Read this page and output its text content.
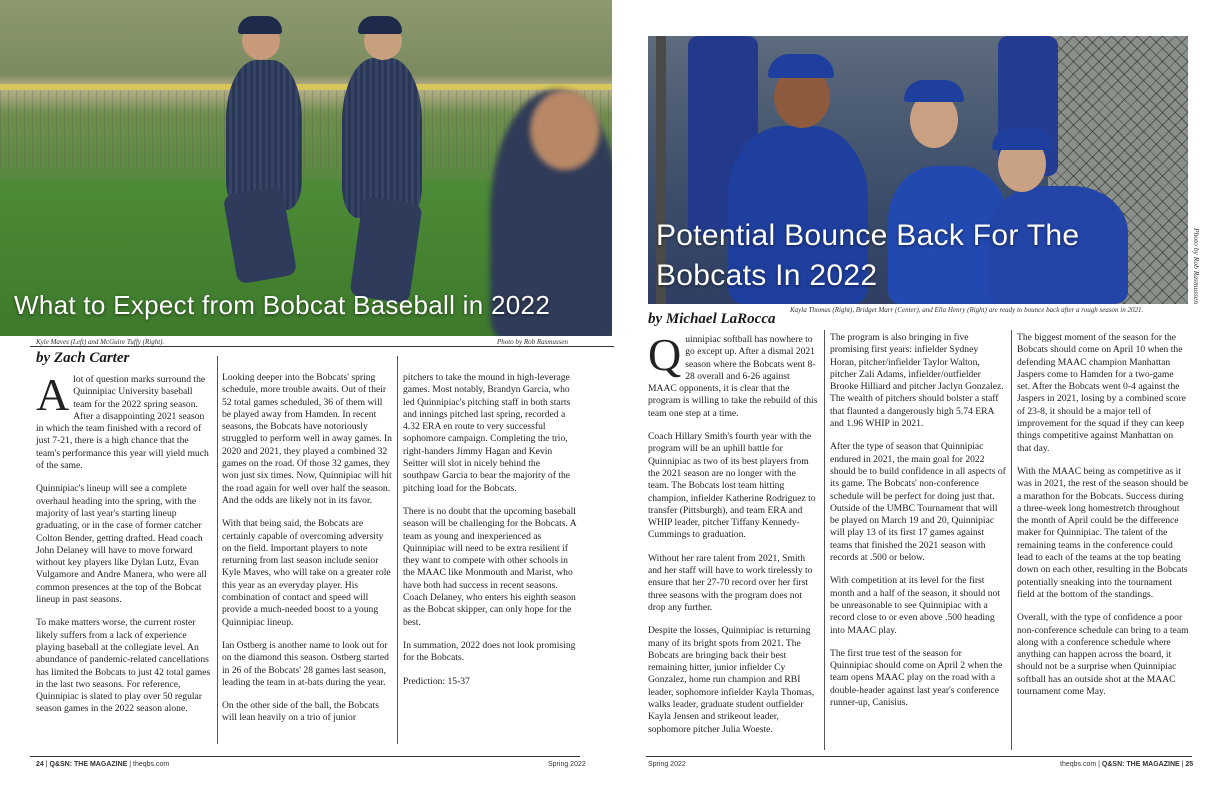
What to Expect from Bobcat Baseball in 2022
Kyle Maves (Left) and McGuire Tuffy (Right).	Photo by Rob Rasmussen
by Zach Carter

Alot of question marks surround the Quinnipiac University baseball team for the 2022 spring season. After a disappointing 2021 season in which the team finished with a record of just 7-21, there is a high chance that the team's performance this year will yield much of the same.

Quinnipiac's lineup will see a complete overhaul heading into the spring, with the majority of last year's starting lineup graduating, or in the case of former catcher Colton Bender, getting drafted. Head coach John Delaney will have to move forward without key players like Dylan Lutz, Evan Vulgamore and Andre Manera, who were all common presences at the top of the Bobcat lineup in past seasons.

To make matters worse, the current roster likely suffers from a lack of experience playing baseball at the collegiate level. An abundance of pandemic-related cancellations has limited the Bobcats to just 42 total games in the last two seasons. For reference, Quinnipiac is slated to play over 50 regular season games in the 2022 season alone.

Looking deeper into the Bobcats' spring schedule, more trouble awaits. Out of their 52 total games scheduled, 36 of them will be played away from Hamden. In recent seasons, the Bobcats have notoriously struggled to perform well in away games. In 2020 and 2021, they played a combined 32 games on the road. Of those 32 games, they won just six times. Now, Quinnipiac will hit the road again for well over half the season. And the odds are likely not in its favor.

With that being said, the Bobcats are certainly capable of overcoming adversity on the field. Important players to note returning from last season include senior Kyle Maves, who will take on a greater role this year as an everyday player. His combination of contact and speed will provide a much-needed boost to a young Quinnipiac lineup.

Ian Ostberg is another name to look out for on the diamond this season. Ostberg started in 26 of the Bobcats' 28 games last season, leading the team in at-bats during the year.

On the other side of the ball, the Bobcats will lean heavily on a trio of junior

pitchers to take the mound in high-leverage games. Most notably, Brandyn Garcia, who led Quinnipiac's pitching staff in both starts and innings pitched last spring, recorded a 4.32 ERA en route to very successful sophomore campaign. Completing the trio, right-handers Jimmy Hagan and Kevin Seitter will slot in nicely behind the southpaw Garcia to bear the majority of the pitching load for the Bobcats.

There is no doubt that the upcoming baseball season will be challenging for the Bobcats. A team as young and inexperienced as Quinnipiac will need to be extra resilient if they want to compete with other schools in the MAAC like Monmouth and Marist, who have both had success in recent seasons. Coach Delaney, who enters his eighth season as the Bobcat skipper, can only hope for the best.

In summation, 2022 does not look promising for the Bobcats.

Prediction: 15-37

24 | Q&SN: THE MAGAZINE | theqbs.com	Spring 2022
Potential Bounce Back For The Bobcats In 2022	Photo by Rob Rasmussen
Kayla Thomas (Right), Bridget Marr (Center), and Ella Henry (Right) are ready to bounce back after a rough season in 2021.
by Michael LaRocca

Quinnipiac softball has nowhere to go except up. After a dismal 2021 season where the Bobcats went 8-28 overall and 6-26 against MAAC opponents, it is clear that the program is willing to take the rebuild of this team one step at a time.

Coach Hillary Smith's fourth year with the program will be an uphill battle for Quinnipiac as two of its best players from the 2021 season are no longer with the team. The Bobcats lost team hitting champion, infielder Katherine Rodriguez to transfer (Pittsburgh), and team ERA and WHIP leader, pitcher Tiffany Kennedy-Cummings to graduation.

Without her rare talent from 2021, Smith and her staff will have to work tirelessly to ensure that her 27-70 record over her first three seasons with the program does not drop any further.

Despite the losses, Quinnipiac is returning many of its bright spots from 2021. The Bobcats are bringing back their best remaining hitter, junior infielder Cy Gonzalez, home run champion and RBI leader, sophomore infielder Kayla Thomas, walks leader, graduate student outfielder Kayla Jensen and strikeout leader, sophomore pitcher Julia Woeste.

The program is also bringing in five promising first years: infielder Sydney Horan, pitcher/infielder Taylor Walton, pitcher Zali Adams, infielder/outfielder Brooke Hilliard and pitcher Jaclyn Gonzalez. The wealth of pitchers should bolster a staff that flaunted a dangerously high 5.74 ERA and 1.96 WHIP in 2021.

After the type of season that Quinnipiac endured in 2021, the main goal for 2022 should be to build confidence in all aspects of its game. The Bobcats' non-conference schedule will be perfect for doing just that. Outside of the UMBC Tournament that will be played on March 19 and 20, Quinnipiac will play 13 of its first 17 games against teams that finished the 2021 season with records at .500 or below.

With competition at its level for the first month and a half of the season, it should not be unreasonable to see Quinnipiac with a record close to or even above .500 heading into MAAC play.

The first true test of the season for Quinnipiac should come on April 2 when the team opens MAAC play on the road with a double-header against last year's conference runner-up, Canisius.

The biggest moment of the season for the Bobcats should come on April 10 when the defending MAAC champion Manhattan Jaspers come to Hamden for a two-game set. After the Bobcats went 0-4 against the Jaspers in 2021, losing by a combined score of 23-8, it should be a major tell of improvement for the squad if they can keep things competitive against Manhattan on that day.

With the MAAC being as competitive as it was in 2021, the rest of the season should be a marathon for the Bobcats. Success during a three-week long homestretch throughout the month of April could be the difference maker for Quinnipiac. The talent of the remaining teams in the conference could lead to each of the teams at the top beating down on each other, resulting in the Bobcats potentially sneaking into the tournament field at the bottom of the standings.

Overall, with the type of confidence a poor non-conference schedule can bring to a team along with a conference schedule where anything can happen across the board, it should not be a surprise when Quinnipiac softball has an outside shot at the MAAC tournament come May.

Spring 2022	theqbs.com | Q&SN: THE MAGAZINE | 25
